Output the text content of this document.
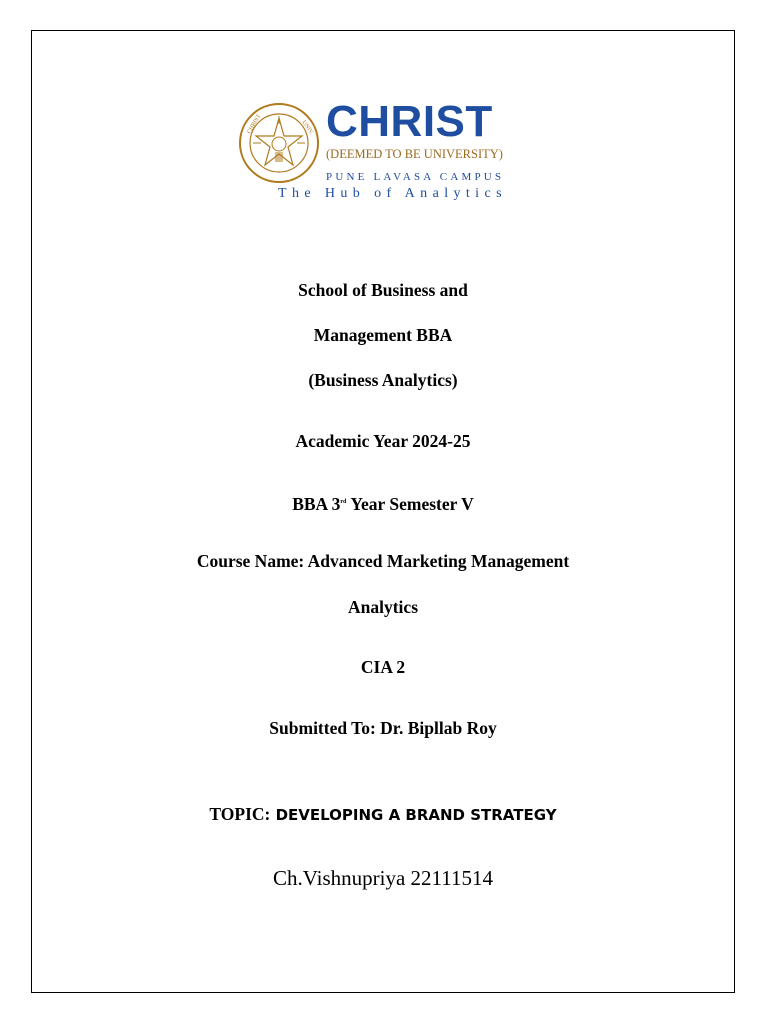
CHRIST	UNIV. CHRIST
(DEEMED TO BE UNIVERSITY)
PUNE LAVASA CAMPUS
The Hub of Analytics
School of Business and
Management BBA
(Business Analytics)
Academic Year 2024-25
BBA 3rd Year Semester V
Course Name: Advanced Marketing Management
Analytics
CIA 2
Submitted To: Dr. Bipllab Roy
TOPIC: DEVELOPING A BRAND STRATEGY
Ch.Vishnupriya 22111514
